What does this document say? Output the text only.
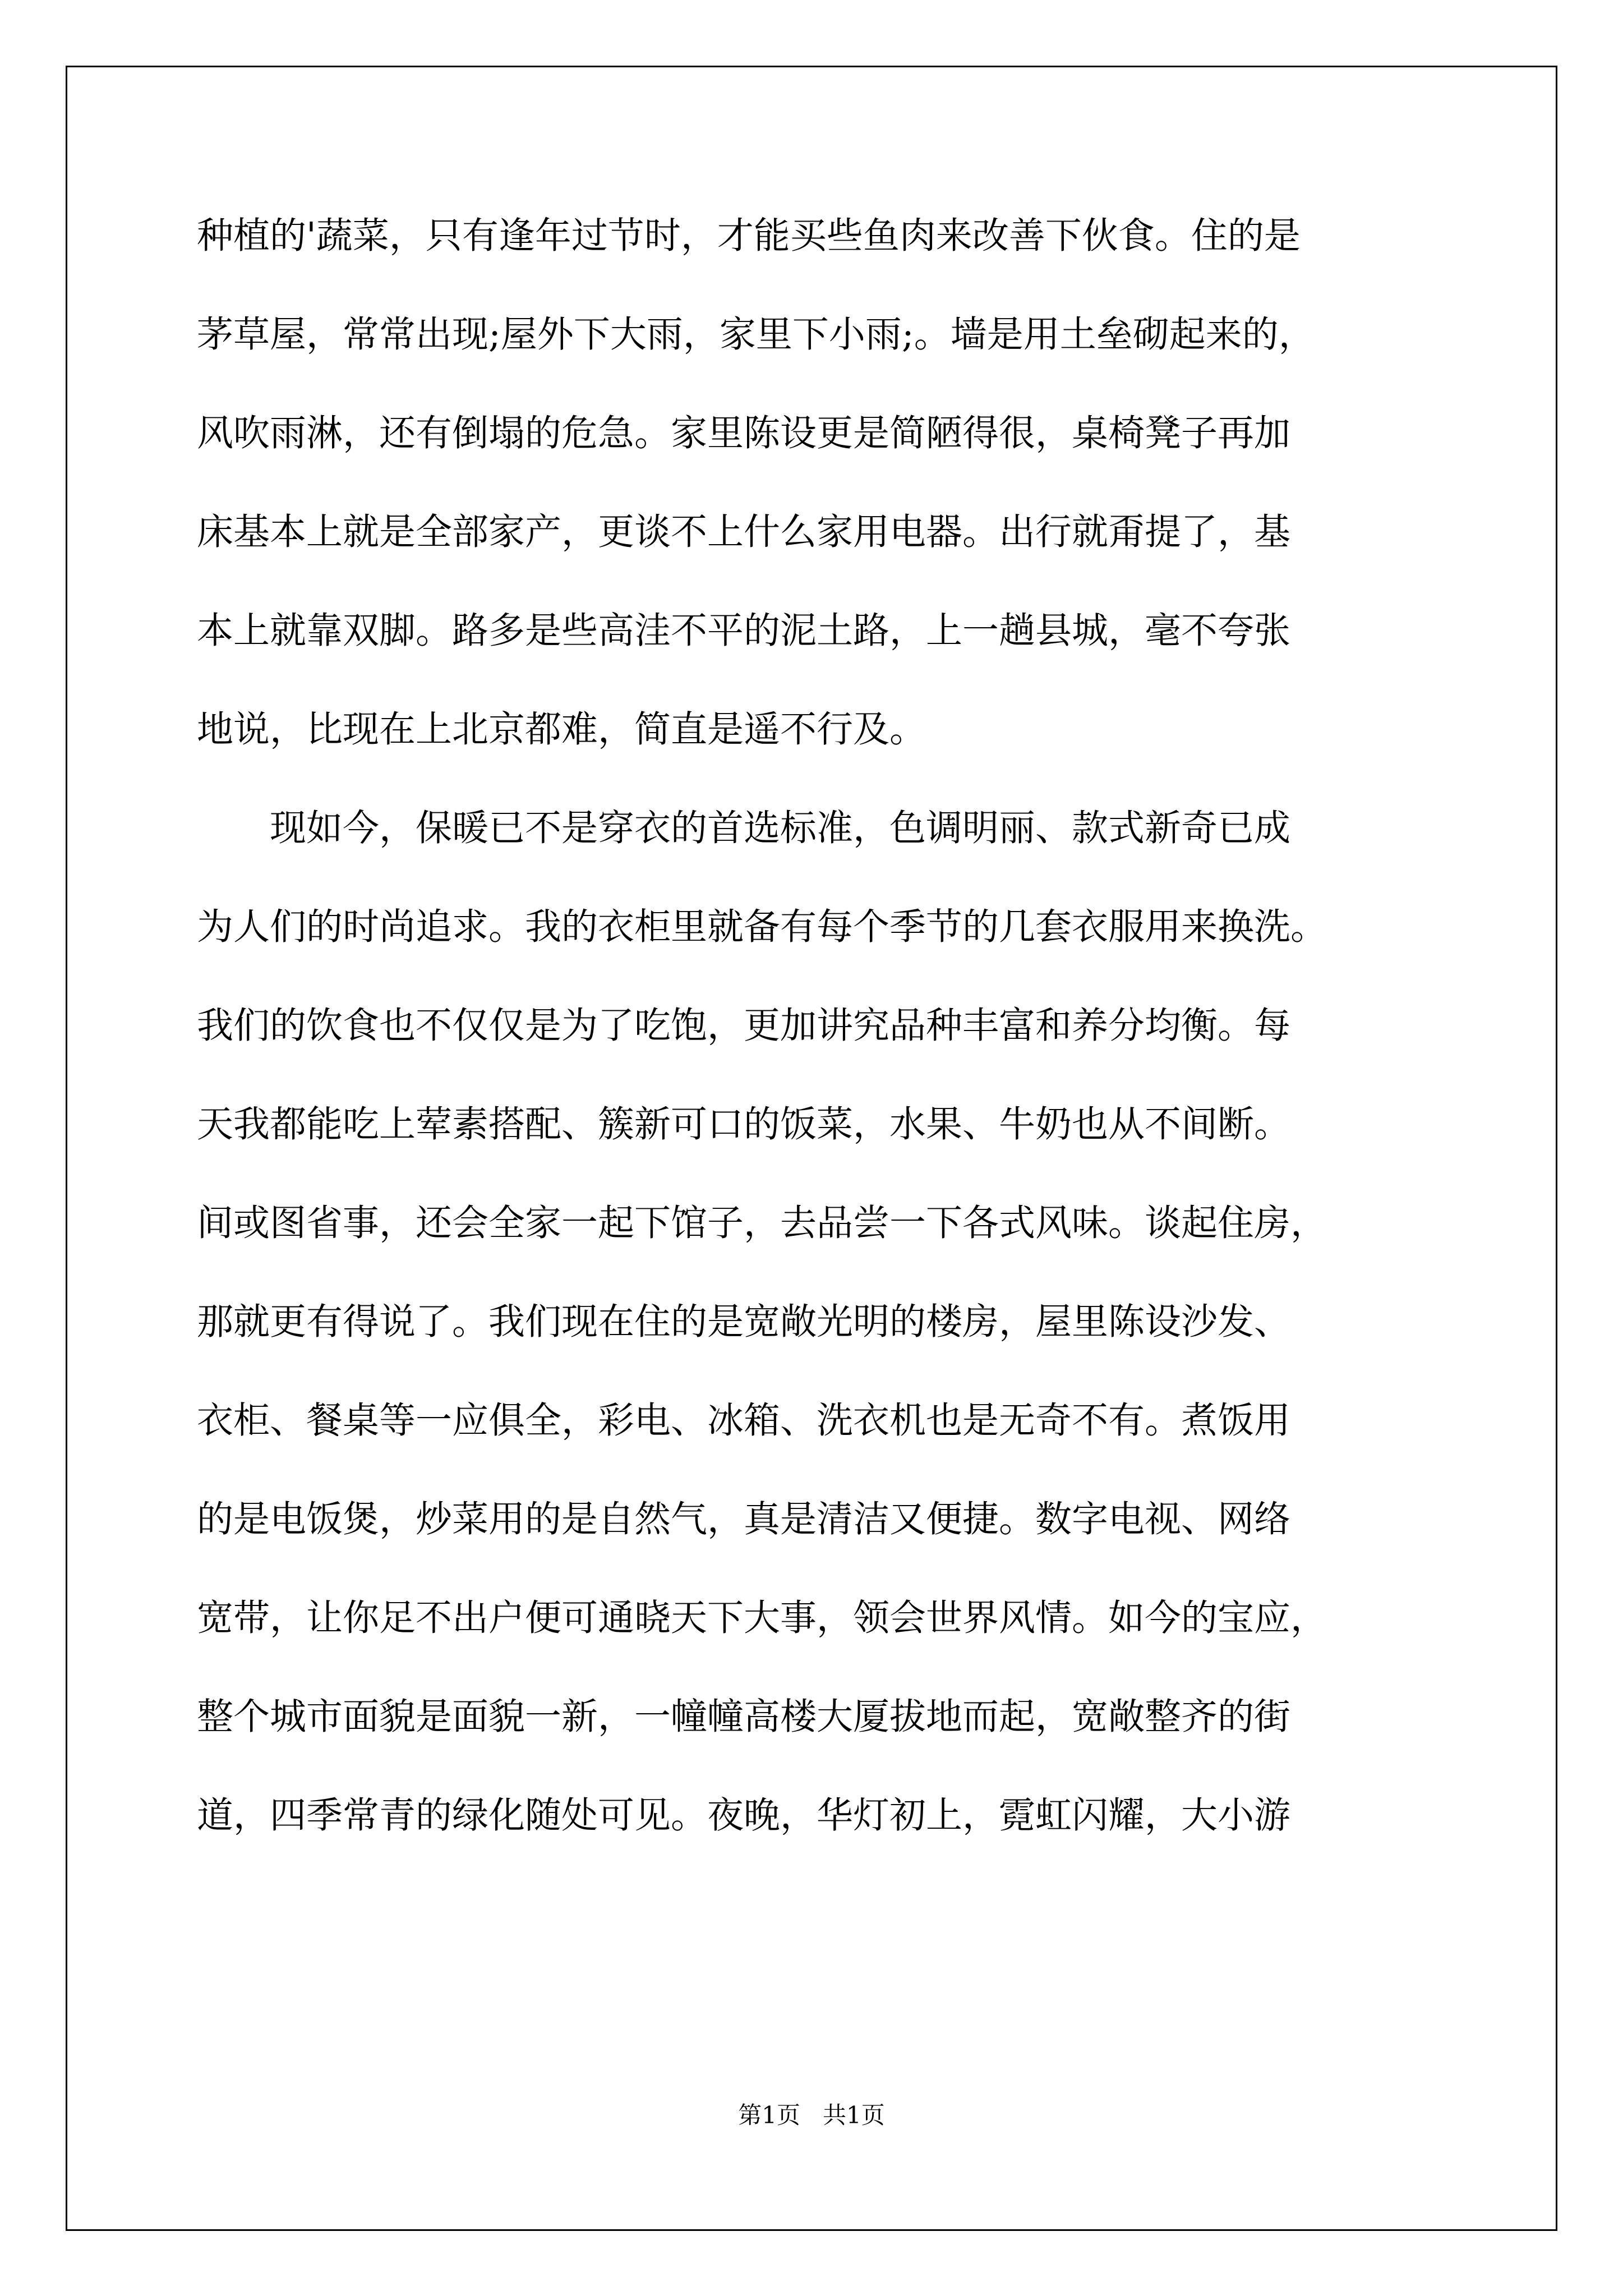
种植的'蔬菜，只有逢年过节时，才能买些鱼肉来改善下伙食。住的是
茅草屋，常常出现;屋外下大雨，家里下小雨;。墙是用土垒砌起来的，
风吹雨淋，还有倒塌的危急。家里陈设更是简陋得很，桌椅凳子再加
床基本上就是全部家产，更谈不上什么家用电器。出行就甭提了，基
本上就靠双脚。路多是些高洼不平的泥土路，上一趟县城，毫不夸张
地说，比现在上北京都难，简直是遥不行及。
现如今，保暖已不是穿衣的首选标准，色调明丽、款式新奇已成
为人们的时尚追求。我的衣柜里就备有每个季节的几套衣服用来换洗。
我们的饮食也不仅仅是为了吃饱，更加讲究品种丰富和养分均衡。每
天我都能吃上荤素搭配、簇新可口的饭菜，水果、牛奶也从不间断。
间或图省事，还会全家一起下馆子，去品尝一下各式风味。谈起住房，
那就更有得说了。我们现在住的是宽敞光明的楼房，屋里陈设沙发、
衣柜、餐桌等一应俱全，彩电、冰箱、洗衣机也是无奇不有。煮饭用
的是电饭煲，炒菜用的是自然气，真是清洁又便捷。数字电视、网络
宽带，让你足不出户便可通晓天下大事，领会世界风情。如今的宝应，
整个城市面貌是面貌一新，一幢幢高楼大厦拔地而起，宽敞整齐的街
道，四季常青的绿化随处可见。夜晚，华灯初上，霓虹闪耀，大小游
第1页   共1页
